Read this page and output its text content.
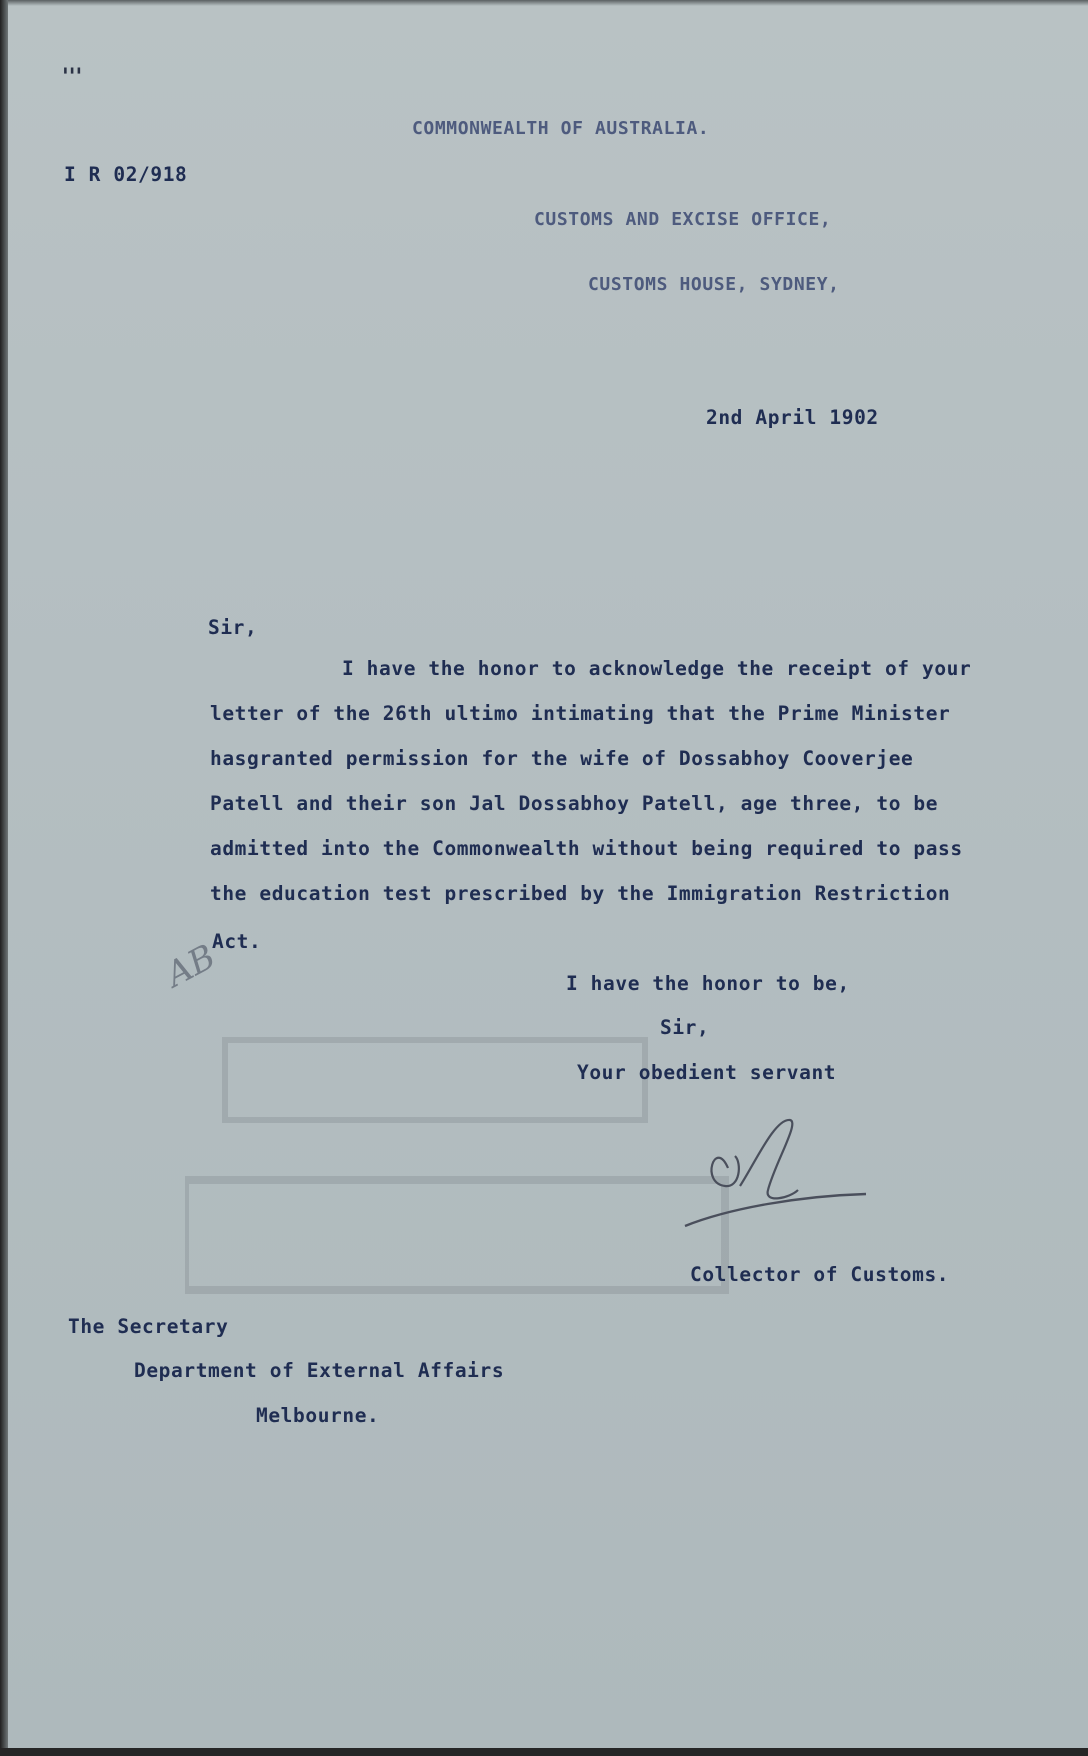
'''
COMMONWEALTH OF AUSTRALIA.
I R 02/918
CUSTOMS AND EXCISE OFFICE,
CUSTOMS HOUSE, SYDNEY,
2nd April 1902
Sir,
I have the honor to acknowledge the receipt of your
letter of the 26th ultimo intimating that the Prime Minister
hasgranted permission for the wife of Dossabhoy Cooverjee
Patell and their son Jal Dossabhoy Patell, age three, to be
admitted into the Commonwealth without being required to pass
the education test prescribed by the Immigration Restriction
Act.
AB	I have the honor to be,
Sir,
Your obedient servant
Collector of Customs.
The Secretary
Department of External Affairs
Melbourne.
